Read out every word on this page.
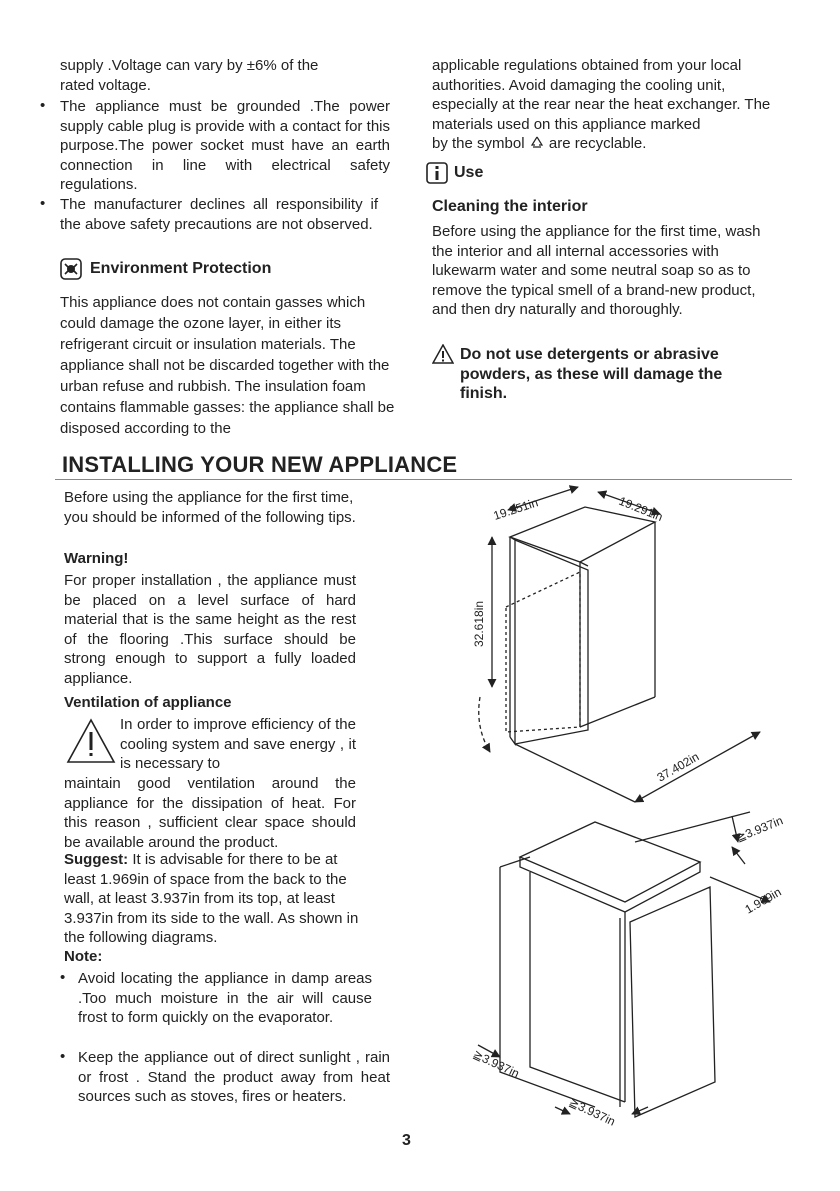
supply .Voltage can vary by ±6% of the

rated voltage.

• The appliance must be grounded .The power supply cable plug is provide with a contact for this purpose.The power socket must have an earth connection in line with electrical safety regulations.

• The manufacturer declines all responsibility if the above safety precautions are not observed.

Environment Protection

This appliance does not contain gasses which could damage the ozone layer, in either its refrigerant circuit or insulation materials. The appliance shall not be discarded together with the urban refuse and rubbish. The insulation foam contains flammable gasses: the appliance shall be disposed according to the

applicable regulations obtained from your local authorities. Avoid damaging the cooling unit, especially at the rear near the heat exchanger. The materials used on this appliance marked

by the symbol are recyclable.
Use
Cleaning the interior

Before using the appliance for the first time, wash the interior and all internal accessories with lukewarm water and some neutral soap so as to remove the typical smell of a brand-new product, and then dry naturally and thoroughly.

Do not use detergents or abrasive powders, as these will damage the finish.

INSTALLING YOUR NEW APPLIANCE

Before using the appliance for the first time, you should be informed of the following tips.

Warning!

For proper installation , the appliance must be placed on a level surface of hard material that is the same height as the rest of the flooring .This surface should be strong enough to support a fully loaded appliance.

Ventilation of appliance

In order to improve efficiency of the cooling system and save energy , it is necessary to

maintain good ventilation around the appliance for the dissipation of heat. For this reason , sufficient clear space should be available around the product.

Suggest: It is advisable for there to be at least 1.969in of space from the back to the wall, at least 3.937in from its top, at least 3.937in from its side to the wall. As shown in the following diagrams.

Note:
• Avoid locating the appliance in damp areas .Too much moisture in the air will cause frost to form quickly on the evaporator.

• Keep the appliance out of direct sunlight , rain or frost . Stand the product away from heat sources such as stoves, fires or heaters.

19.251in	19.291in
32.618in
37.402in
≧3.937in
1.969in
≧3.937in
≧3.937in
3
